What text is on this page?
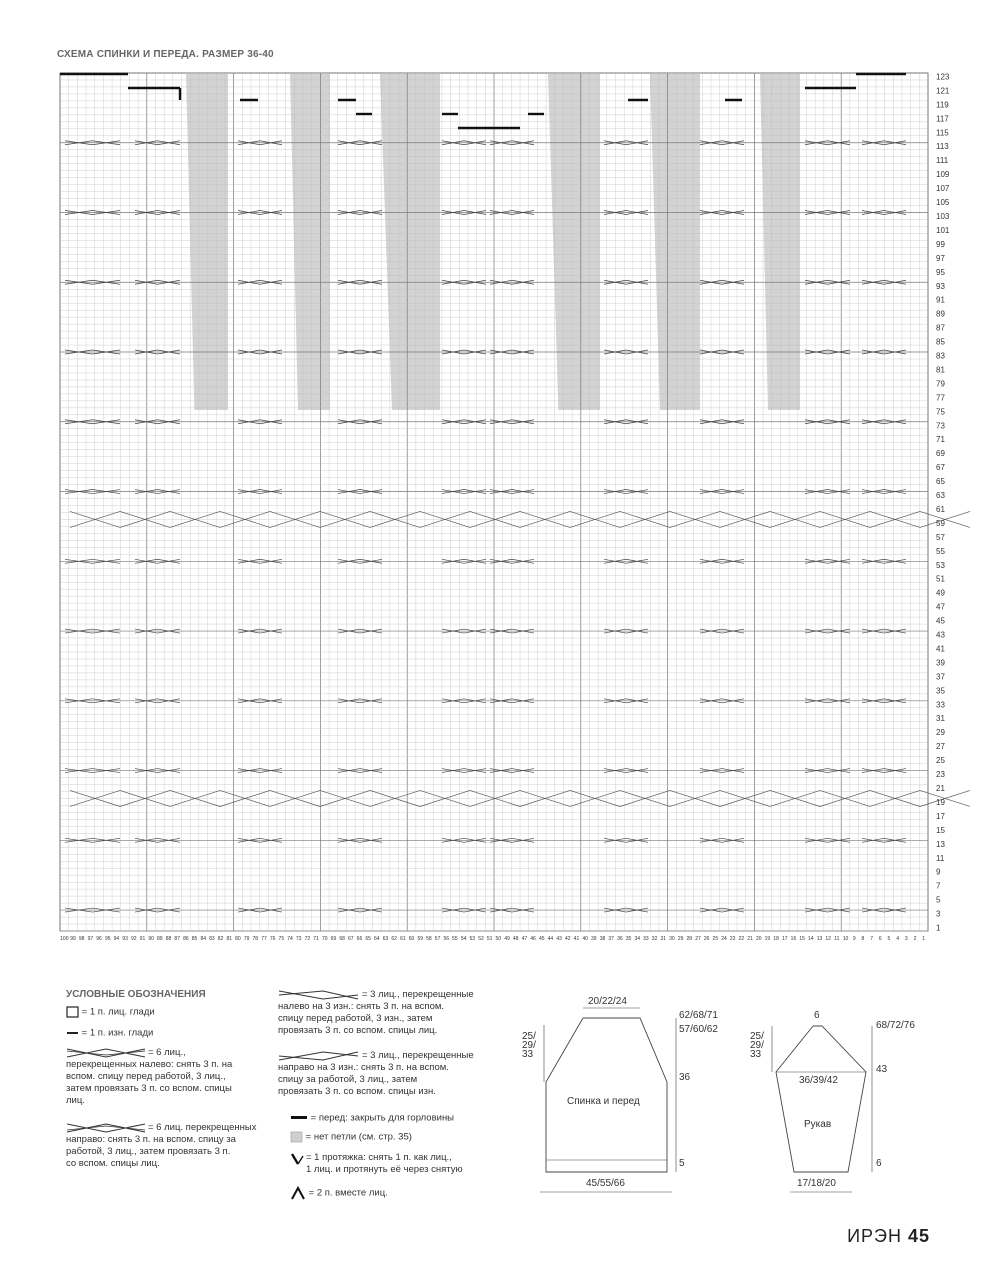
СХЕМА СПИНКИ И ПЕРЕДА. РАЗМЕР 36-40
1
3
5
7
9
11
13
15
17
19
21
23
25
27
29
31
33
35
37
39
41
43
45
47
49
51
53
55
57
59
61
63
65
67
69
71
73
75
77
79
81
83
85
87
89
91
93
95
97
99
101
103
105
107
109
111
113
115
117
119
121
123
1
2
3
4
5
6
7
8
9
10
11
12
13
14
15
16
17
18
19
20
21
22
23
24
25
26
27
28
29
30
31
32
33
34
35
36
37
38
39
40
41
42
43
44
45
46
47
48
49
50
51
52
53
54
55
56
57
58
59
60
61
62
63
64
65
66
67
68
69
70
71
72
73
74
75
76
77
78
79
80
81
82
83
84
85
86
87
88
89
90
91
92
93
94
95
96
97
98
99
100
УСЛОВНЫЕ ОБОЗНАЧЕНИЯ
= 1 п. лиц. глади
= 1 п. изн. глади
= 6 лиц.,
перекрещенных налево: снять 3 п. на
вспом. спицу перед работой, 3 лиц.,
затем провязать 3 п. со вспом. спицы
лиц.
= 6 лиц. перекрещенных
направо: снять 3 п. на вспом. спицу за
работой, 3 лиц., затем провязать 3 п.
со вспом. спицы лиц.
= 3 лиц., перекрещенные
налево на 3 изн.: снять 3 п. на вспом.
спицу перед работой, 3 изн., затем
провязать 3 п. со вспом. спицы лиц.
= 3 лиц., перекрещенные
направо на 3 изн.: снять 3 п. на вспом.
спицу за работой, 3 лиц., затем
провязать 3 п. со вспом. спицы изн.
= перед: закрыть для горловины
= нет петли (см. стр. 35)
= 1 протяжка: снять 1 п. как лиц.,
1 лиц. и протянуть её через снятую
= 2 п. вместе лиц.
Спинка и перед
20/22/24
25/
29/
33
62/68/71
57/60/62
36
5
45/55/66
Рукав
6
25/
29/
33
68/72/76
36/39/42
43
6
17/18/20
ИРЭН 45
